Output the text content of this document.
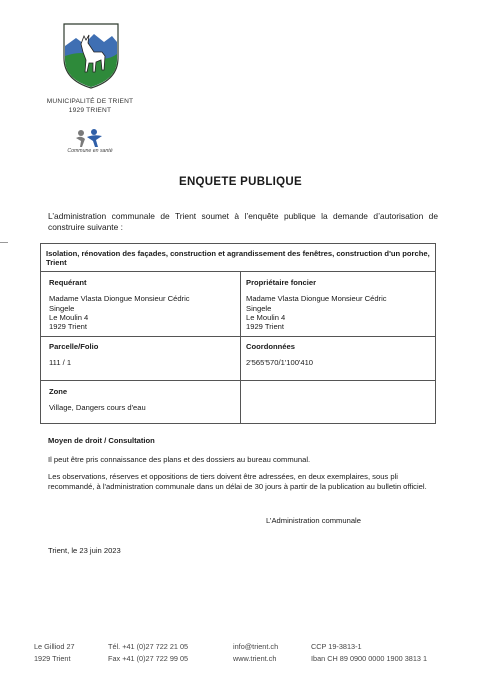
MUNICIPALITÉ DE TRIENT
1929 TRIENT
Commune en santé
ENQUETE PUBLIQUE
L’administration communale de Trient soumet à l’enquête publique la demande d’autorisation de construire suivante :
Isolation, rénovation des façades, construction et agrandissement des fenêtres, construction d'un porche, Trient
Requérant
Madame Vlasta Diongue Monsieur Cédric
Singele
Le Moulin 4
1929 Trient
Propriétaire foncier
Madame Vlasta Diongue Monsieur Cédric
Singele
Le Moulin 4
1929 Trient
Parcelle/Folio
111 / 1
Coordonnées
2'565'570/1'100'410
Zone
Village, Dangers cours d'eau
Moyen de droit / Consultation
Il peut être pris connaissance des plans et des dossiers au bureau communal.
Les observations, réserves et oppositions de tiers doivent être adressées, en deux exemplaires, sous pli recommandé, à l'administration communale dans un délai de 30 jours à partir de la publication au bulletin officiel.
L’Administration communale
Trient, le 23 juin 2023
Le Gilliod 27
1929 Trient
Tél. +41 (0)27 722 21 05
Fax +41 (0)27 722 99 05
info@trient.ch
www.trient.ch
CCP 19-3813-1
Iban CH 89 0900 0000 1900 3813 1
